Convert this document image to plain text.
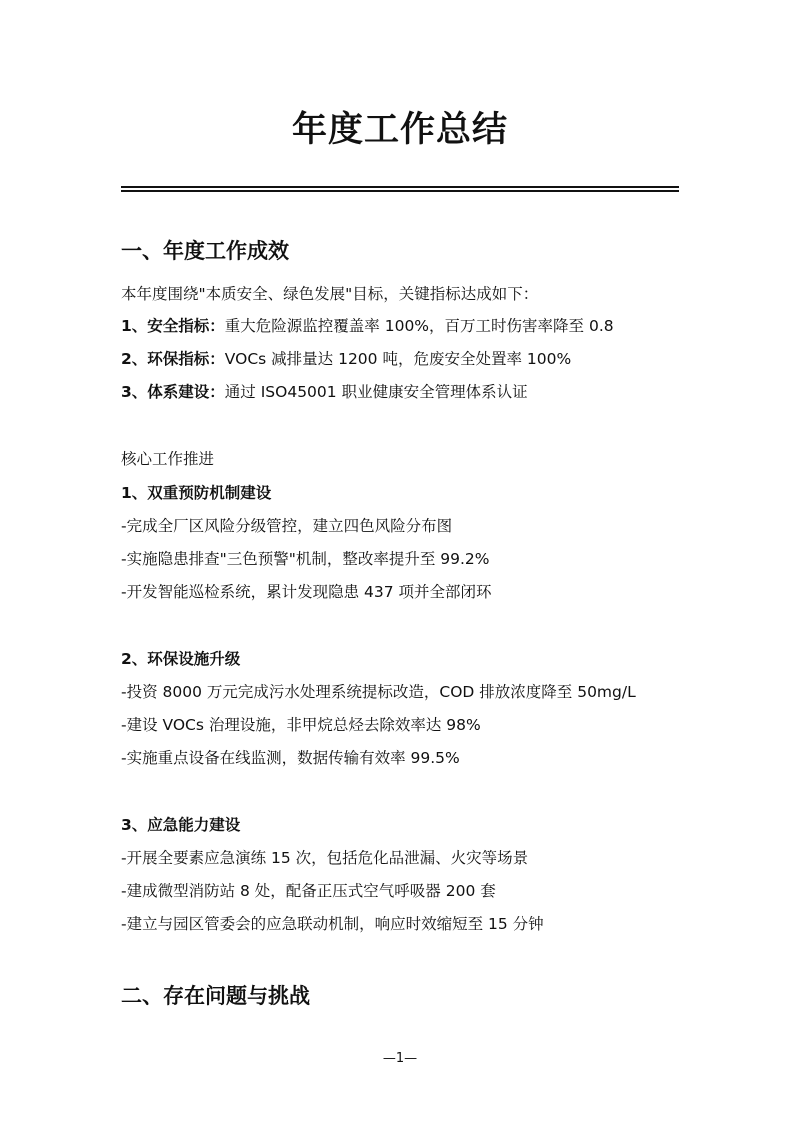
年度工作总结
一、年度工作成效
本年度围绕"本质安全、绿色发展"目标，关键指标达成如下：
1、安全指标：重大危险源监控覆盖率 100%，百万工时伤害率降至 0.8
2、环保指标：VOCs 减排量达 1200 吨，危废安全处置率 100%
3、体系建设：通过 ISO45001 职业健康安全管理体系认证
核心工作推进
1、双重预防机制建设
-完成全厂区风险分级管控，建立四色风险分布图
-实施隐患排查"三色预警"机制，整改率提升至 99.2%
-开发智能巡检系统，累计发现隐患 437 项并全部闭环
2、环保设施升级
-投资 8000 万元完成污水处理系统提标改造，COD 排放浓度降至 50mg/L
-建设 VOCs 治理设施，非甲烷总烃去除效率达 98%
-实施重点设备在线监测，数据传输有效率 99.5%
3、应急能力建设
-开展全要素应急演练 15 次，包括危化品泄漏、火灾等场景
-建成微型消防站 8 处，配备正压式空气呼吸器 200 套
-建立与园区管委会的应急联动机制，响应时效缩短至 15 分钟
二、存在问题与挑战
—1—
